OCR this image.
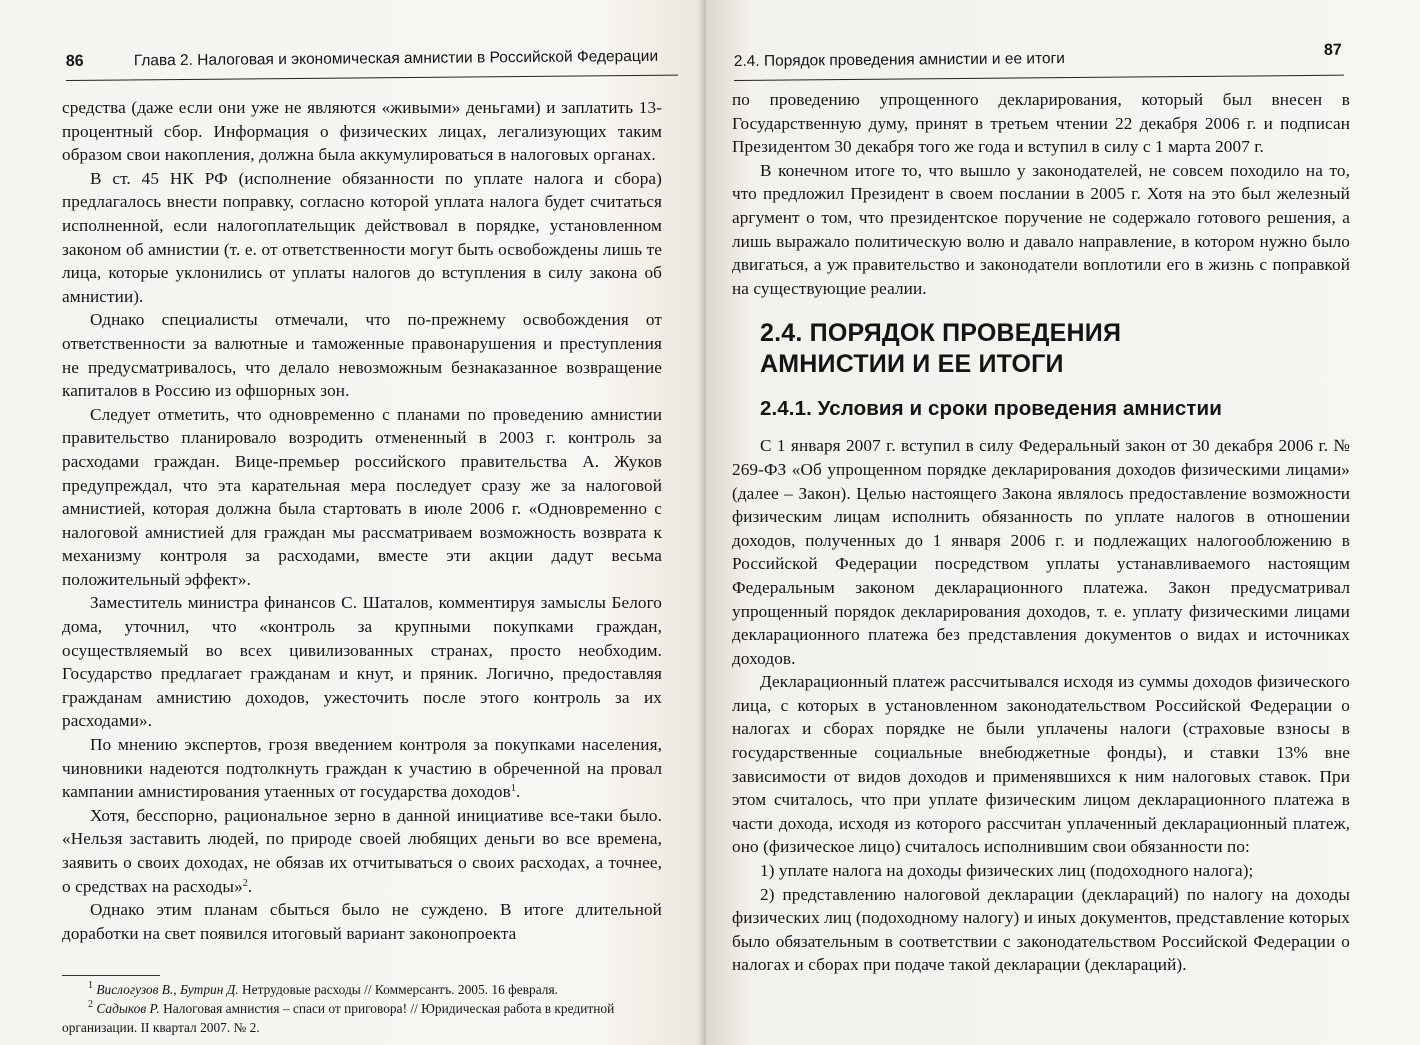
86	Глава 2. Налоговая и экономическая амнистии в Российской Федерации

средства (даже если они уже не являются «живыми» деньгами) и заплатить 13-процентный сбор. Информация о физических лицах, легализующих таким образом свои накопления, должна была аккумулироваться в налоговых органах.

В ст. 45 НК РФ (исполнение обязанности по уплате налога и сбора) предлагалось внести поправку, согласно которой уплата налога будет считаться исполненной, если налогоплательщик действовал в порядке, установленном законом об амнистии (т. е. от ответственности могут быть освобождены лишь те лица, которые уклонились от уплаты налогов до вступления в силу закона об амнистии).

Однако специалисты отмечали, что по-прежнему освобождения от ответственности за валютные и таможенные правонарушения и преступления не предусматривалось, что делало невозможным безнаказанное возвращение капиталов в Россию из офшорных зон.

Следует отметить, что одновременно с планами по проведению амнистии правительство планировало возродить отмененный в 2003 г. контроль за расходами граждан. Вице-премьер российского правительства А. Жуков предупреждал, что эта карательная мера последует сразу же за налоговой амнистией, которая должна была стартовать в июле 2006 г. «Одновременно с налоговой амнистией для граждан мы рассматриваем возможность возврата к механизму контроля за расходами, вместе эти акции дадут весьма положительный эффект».

Заместитель министра финансов С. Шаталов, комментируя замыслы Белого дома, уточнил, что «контроль за крупными покупками граждан, осуществляемый во всех цивилизованных странах, просто необходим. Государство предлагает гражданам и кнут, и пряник. Логично, предоставляя гражданам амнистию доходов, ужесточить после этого контроль за их расходами».

По мнению экспертов, грозя введением контроля за покупками населения, чиновники надеются подтолкнуть граждан к участию в обреченной на провал кампании амнистирования утаенных от государства доходов$^1$.

Хотя, бесспорно, рациональное зерно в данной инициативе все-таки было. «Нельзя заставить людей, по природе своей любящих деньги во все времена, заявить о своих доходах, не обязав их отчитываться о своих расходах, а точнее, о средствах на расходы»$^2$.

Однако этим планам сбыться было не суждено. В итоге длительной доработки на свет появился итоговый вариант законопроекта

$^1$ Вислогузов В., Бутрин Д. Нетрудовые расходы // Коммерсантъ. 2005. 16 февраля.

$^2$ Садыков Р. Налоговая амнистия – спаси от приговора! // Юридическая работа в кредитной организации. II квартал 2007. № 2.

2.4. Порядок проведения амнистии и ее итоги	87

по проведению упрощенного декларирования, который был внесен в Государственную думу, принят в третьем чтении 22 декабря 2006 г. и подписан Президентом 30 декабря того же года и вступил в силу с 1 марта 2007 г.

В конечном итоге то, что вышло у законодателей, не совсем походило на то, что предложил Президент в своем послании в 2005 г. Хотя на это был железный аргумент о том, что президентское поручение не содержало готового решения, а лишь выражало политическую волю и давало направление, в котором нужно было двигаться, а уж правительство и законодатели воплотили его в жизнь с поправкой на существующие реалии.

2.4. ПОРЯДОК ПРОВЕДЕНИЯ
АМНИСТИИ И ЕЕ ИТОГИ
2.4.1. Условия и сроки проведения амнистии

С 1 января 2007 г. вступил в силу Федеральный закон от 30 декабря 2006 г. № 269-ФЗ «Об упрощенном порядке декларирования доходов физическими лицами» (далее – Закон). Целью настоящего Закона являлось предоставление возможности физическим лицам исполнить обязанность по уплате налогов в отношении доходов, полученных до 1 января 2006 г. и подлежащих налогообложению в Российской Федерации посредством уплаты устанавливаемого настоящим Федеральным законом декларационного платежа. Закон предусматривал упрощенный порядок декларирования доходов, т. е. уплату физическими лицами декларационного платежа без представления документов о видах и источниках доходов.

Декларационный платеж рассчитывался исходя из суммы доходов физического лица, с которых в установленном законодательством Российской Федерации о налогах и сборах порядке не были уплачены налоги (страховые взносы в государственные социальные внебюджетные фонды), и ставки 13% вне зависимости от видов доходов и применявшихся к ним налоговых ставок. При этом считалось, что при уплате физическим лицом декларационного платежа в части дохода, исходя из которого рассчитан уплаченный декларационный платеж, оно (физическое лицо) считалось исполнившим свои обязанности по:

1) уплате налога на доходы физических лиц (подоходного налога);

2) представлению налоговой декларации (деклараций) по налогу на доходы физических лиц (подоходному налогу) и иных документов, представление которых было обязательным в соответствии с законодательством Российской Федерации о налогах и сборах при подаче такой декларации (деклараций).
